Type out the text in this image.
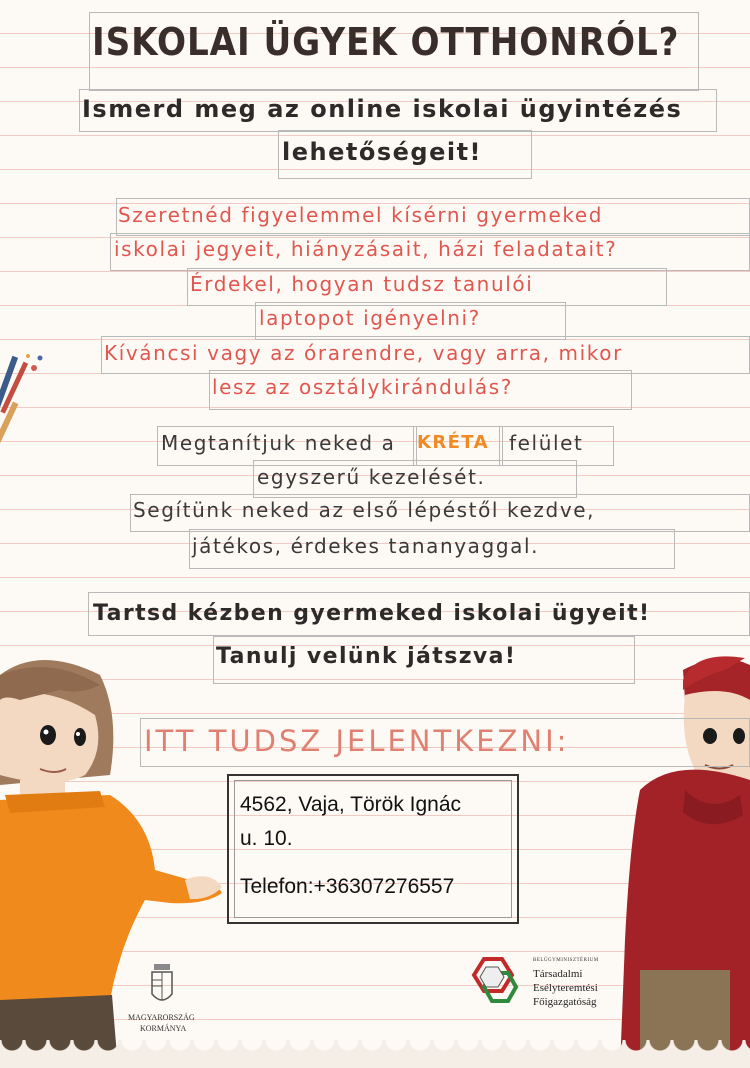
ISKOLAI ÜGYEK OTTHONRÓL?
Ismerd meg az online iskolai ügyintézés
lehetőségeit!
Szeretnéd figyelemmel kísérni gyermeked
iskolai jegyeit, hiányzásait, házi feladatait?
Érdekel, hogyan tudsz tanulói
laptopot igényelni?
Kíváncsi vagy az órarendre, vagy arra, mikor
lesz az osztálykirándulás?
Megtanítjuk neked a KRÉTA felület
egyszerű kezelését.
Segítünk neked az első lépéstől kezdve,
játékos, érdekes tananyaggal.
Tartsd kézben gyermeked iskolai ügyeit!
Tanulj velünk játszva!
ITT TUDSZ JELENTKEZNI:
4562, Vaja, Török Ignác
u. 10.
Telefon:+36307276557
MAGYARORSZÁG
KORMÁNYA
BELÜGYMINISZTÉRIUM
Társadalmi
Esélyteremtési
Főigazgatóság
